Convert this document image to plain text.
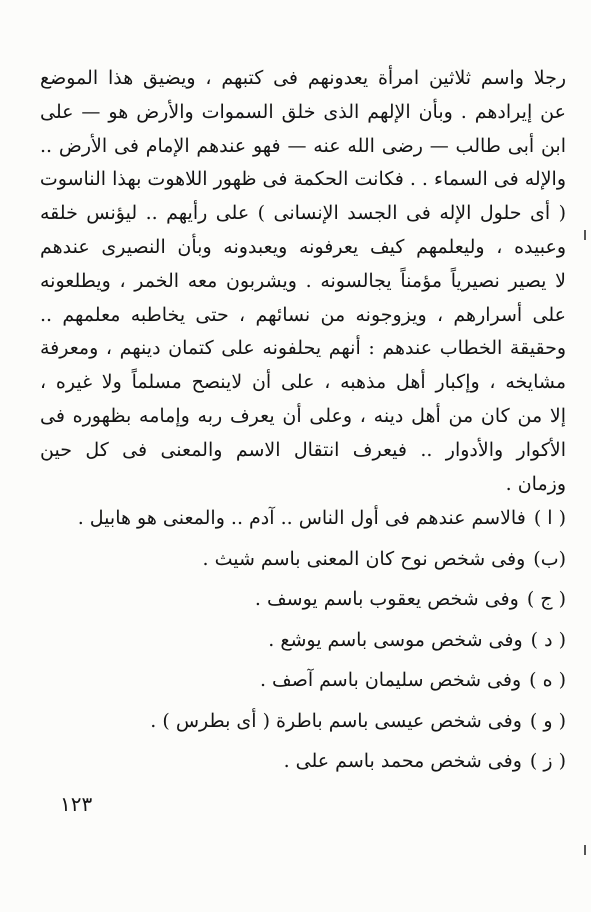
رجلا واسم ثلاثين امرأة يعدونهم فى كتبهم ، ويضيق هذا الموضع
عن إيرادهم . وبأن الإلهم الذى خلق السموات والأرض هو — على
ابن أبى طالب — رضى الله عنه — فهو عندهم الإمام فى الأرض ..
والإله فى السماء . . فكانت الحكمة فى ظهور اللاهوت بهذا الناسوت
( أى حلول الإله فى الجسد الإنسانى ) على رأيهم .. ليؤنس خلقه
وعبيده ، وليعلمهم كيف يعرفونه ويعبدونه وبأن النصيرى عندهم
لا يصير نصيرياً مؤمناً يجالسونه . ويشربون معه الخمر ، ويطلعونه
على أسرارهم ، ويزوجونه من نسائهم ، حتى يخاطبه معلمهم ..
وحقيقة الخطاب عندهم : أنهم يحلفونه على كتمان دينهم ، ومعرفة
مشايخه ، وإكبار أهل مذهبه ، على أن لاينصح مسلماً ولا غيره ،
إلا من كان من أهل دينه ، وعلى أن يعرف ربه وإمامه بظهوره فى
الأكوار والأدوار .. فيعرف انتقال الاسم والمعنى فى كل حين
وزمان .
( ا )فالاسم عندهم فى أول الناس .. آدم .. والمعنى هو هابيل .
(ب)وفى شخص نوح كان المعنى باسم شيث .
( ج )وفى شخص يعقوب باسم يوسف .
( د )وفى شخص موسى باسم يوشع .
( ه )وفى شخص سليمان باسم آصف .
( و )وفى شخص عيسى باسم باطرة ( أى بطرس ) .
( ز )وفى شخص محمد باسم على .
١٢٣
